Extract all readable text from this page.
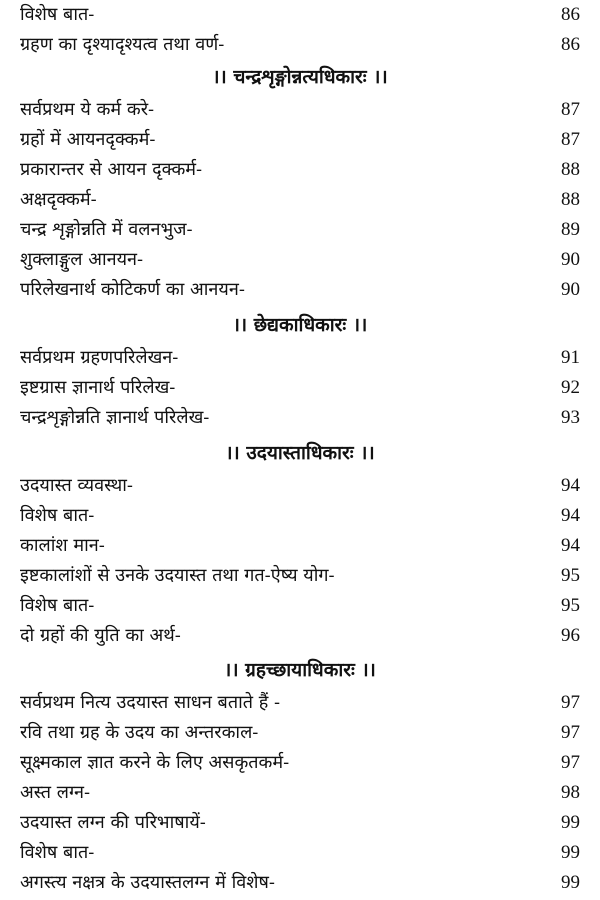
विशेष बात-	86
ग्रहण का दृश्यादृश्यत्व तथा वर्ण-	86
।। चन्द्रशृङ्गोन्नत्यधिकारः ।।
सर्वप्रथम ये कर्म करे-	87
ग्रहों में आयनदृक्कर्म-	87
प्रकारान्तर से आयन दृक्कर्म-	88
अक्षदृक्कर्म-	88
चन्द्र शृङ्गोन्नति में वलनभुज-	89
शुक्लाङ्गुल आनयन-	90
परिलेखनार्थ कोटिकर्ण का आनयन-	90
।। छेद्यकाधिकारः ।।
सर्वप्रथम ग्रहणपरिलेखन-	91
इष्टग्रास ज्ञानार्थ परिलेख-	92
चन्द्रशृङ्गोन्नति ज्ञानार्थ परिलेख-	93
।। उदयास्ताधिकारः ।।
उदयास्त व्यवस्था-	94
विशेष बात-	94
कालांश मान-	94
इष्टकालांशों से उनके उदयास्त तथा गत-ऐष्य योग-	95
विशेष बात-	95
दो ग्रहों की युति का अर्थ-	96
।। ग्रहच्छायाधिकारः ।।
सर्वप्रथम नित्य उदयास्त साधन बताते हैं -	97
रवि तथा ग्रह के उदय का अन्तरकाल-	97
सूक्ष्मकाल ज्ञात करने के लिए असकृतकर्म-	97
अस्त लग्न-	98
उदयास्त लग्न की परिभाषायें-	99
विशेष बात-	99
अगस्त्य नक्षत्र के उदयास्तलग्न में विशेष-	99
